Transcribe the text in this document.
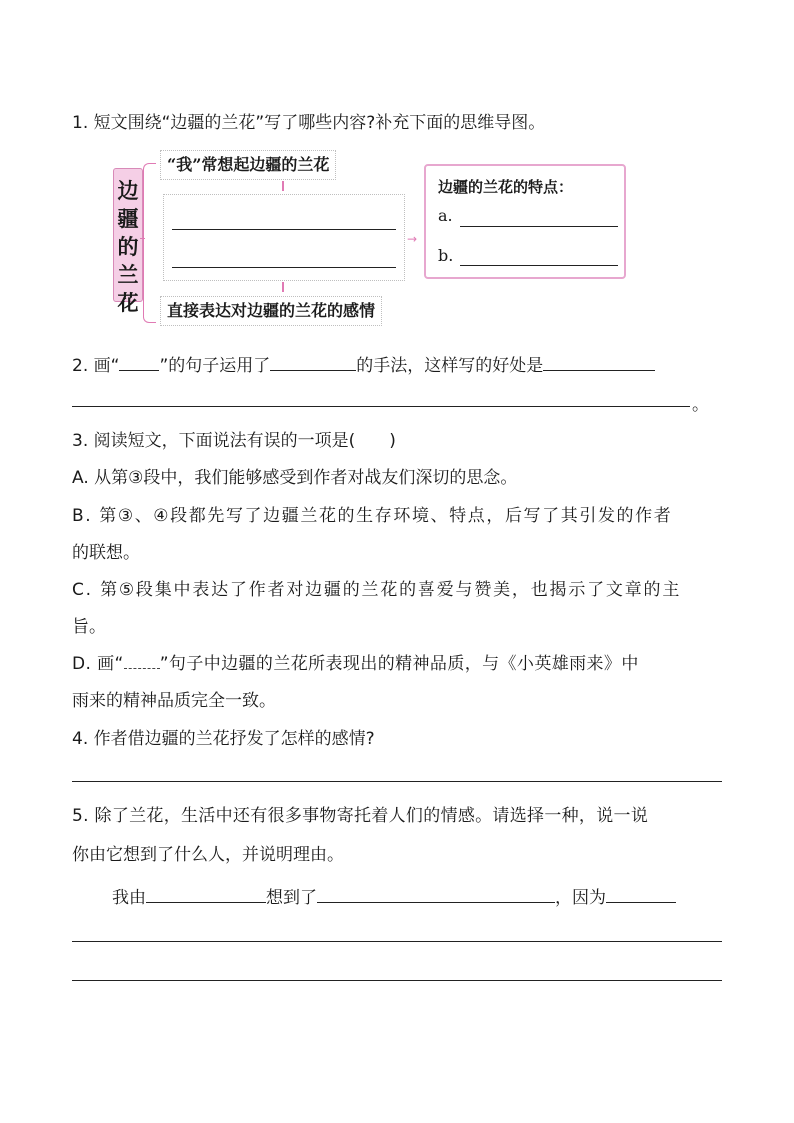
1. 短文围绕“边疆的兰花”写了哪些内容?补充下面的思维导图。
边
疆
的
兰
花
“我”常想起边疆的兰花
直接表达对边疆的兰花的感情
→
边疆的兰花的特点：
a.
b.
2. 画“ ”的句子运用了	的手法，这样写的好处是
。
3. 阅读短文，下面说法有误的一项是(　　)
A. 从第③段中，我们能够感受到作者对战友们深切的思念。
B. 第③、④段都先写了边疆兰花的生存环境、特点，后写了其引发的作者
的联想。
C. 第⑤段集中表达了作者对边疆的兰花的喜爱与赞美，也揭示了文章的主
旨。
D. 画“ ”句子中边疆的兰花所表现出的精神品质，与《小英雄雨来》中
雨来的精神品质完全一致。
4. 作者借边疆的兰花抒发了怎样的感情?
5. 除了兰花，生活中还有很多事物寄托着人们的情感。请选择一种，说一说
你由它想到了什么人，并说明理由。
我由	想到了	，因为
